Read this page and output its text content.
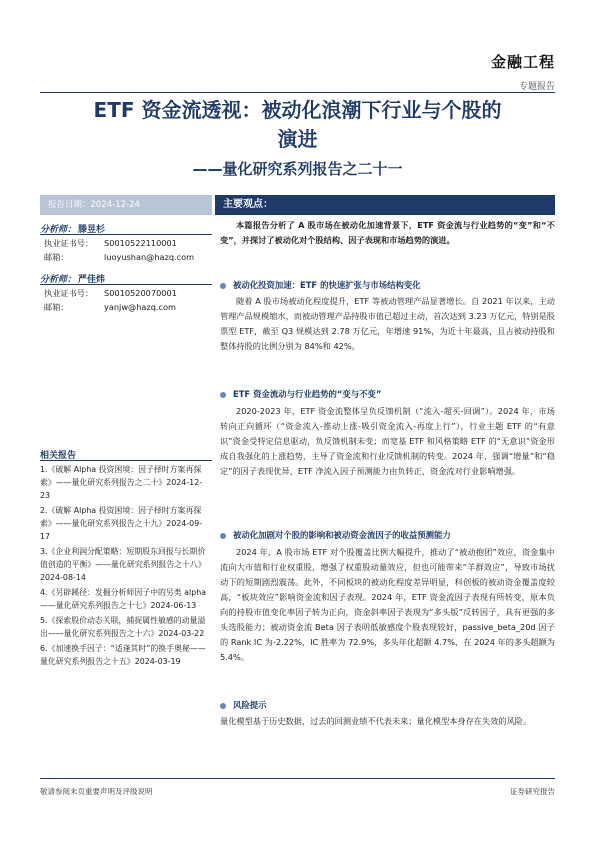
金融工程
专题报告
ETF 资金流透视：被动化浪潮下行业与个股的
演进
——量化研究系列报告之二十一
报告日期：2024-12-24
分析师： 滕昱杉
执业证书号： S0010522110001
邮箱：	luoyushan@hazq.com
分析师： 严佳炜
执业证书号： S0010520070001
邮箱：	yanjw@hazq.com
相关报告
1.《破解 Alpha 投资困境：因子择时方案再探索》——量化研究系列报告之二十》2024-12-23
2.《破解 Alpha 投资困境：因子择时方案再探索》——量化研究系列报告之十九》2024-09-17
3.《企业利润分配策略：短期股东回报与长期价值创造的平衡》——量化研究系列报告之十八》2024-08-14
4.《另辟蹊径：发掘分析师因子中的另类 alpha——量化研究系列报告之十七》2024-06-13
5.《探索股价动态关联，捕捉属性敏感的动量溢出——量化研究系列报告之十六》2024-03-22
6.《加速换手因子：“适逢其时”的换手奥秘——量化研究系列报告之十五》2024-03-19
主要观点：
本篇报告分析了 A 股市场在被动化加速背景下，ETF 资金流与行业趋势的“变”和“不变”，并探讨了被动化对个股结构、因子表现和市场趋势的演进。
被动化投资加速：ETF 的快速扩张与市场结构变化
随着 A 股市场被动化程度提升，ETF 等被动管理产品显著增长。自 2021 年以来，主动管理产品规模缩水，而被动管理产品持股市值已超过主动，首次达到 3.23 万亿元，特别是股票型 ETF，截至 Q3 规模达到 2.78 万亿元，年增速 91%，为近十年最高，且占被动持股和整体持股的比例分别为 84%和 42%。
ETF 资金流动与行业趋势的“变与不变”
2020-2023 年，ETF 资金流整体呈负反馈机制（“流入-超买-回调”）。2024 年，市场转向正向循环（“资金流入-推动上涨-吸引资金流入-再度上行”），行业主题 ETF 的“有意识”资金受特定信息驱动，负反馈机制未变；而宽基 ETF 和风格策略 ETF 的“无意识”资金形成自我强化的上涨趋势，主导了资金流和行业反馈机制的转变。2024 年，强调“增量”和“稳定”的因子表现优异，ETF 净流入因子预测能力由负转正，资金流对行业影响增强。
被动化加剧对个股的影响和被动资金流因子的收益预测能力
2024 年，A 股市场 ETF 对个股覆盖比例大幅提升，推动了“被动抱团”效应，资金集中流向大市值和行业权重股，增强了权重股动量效应，但也可能带来“羊群效应”，导致市场扰动下的短期剧烈震荡。此外，不同板块的被动化程度差异明显，科创板的被动资金覆盖度较高，“板块效应”影响资金流和因子表现。2024 年，ETF 资金流因子表现有所转变，原本负向的持股市值变化率因子转为正向，资金斜率因子表现为“多头版”反转因子，具有更强的多头选股能力；被动资金流 Beta 因子表明低敏感度个股表现较好，passive_beta_20d 因子的 Rank IC 为-2.22%，IC 胜率为 72.9%，多头年化超额 4.7%，在 2024 年的多头超额为 5.4%。
风险提示
量化模型基于历史数据，过去的回测业绩不代表未来；量化模型本身存在失效的风险。
敬请参阅末页重要声明及评级说明	证券研究报告
